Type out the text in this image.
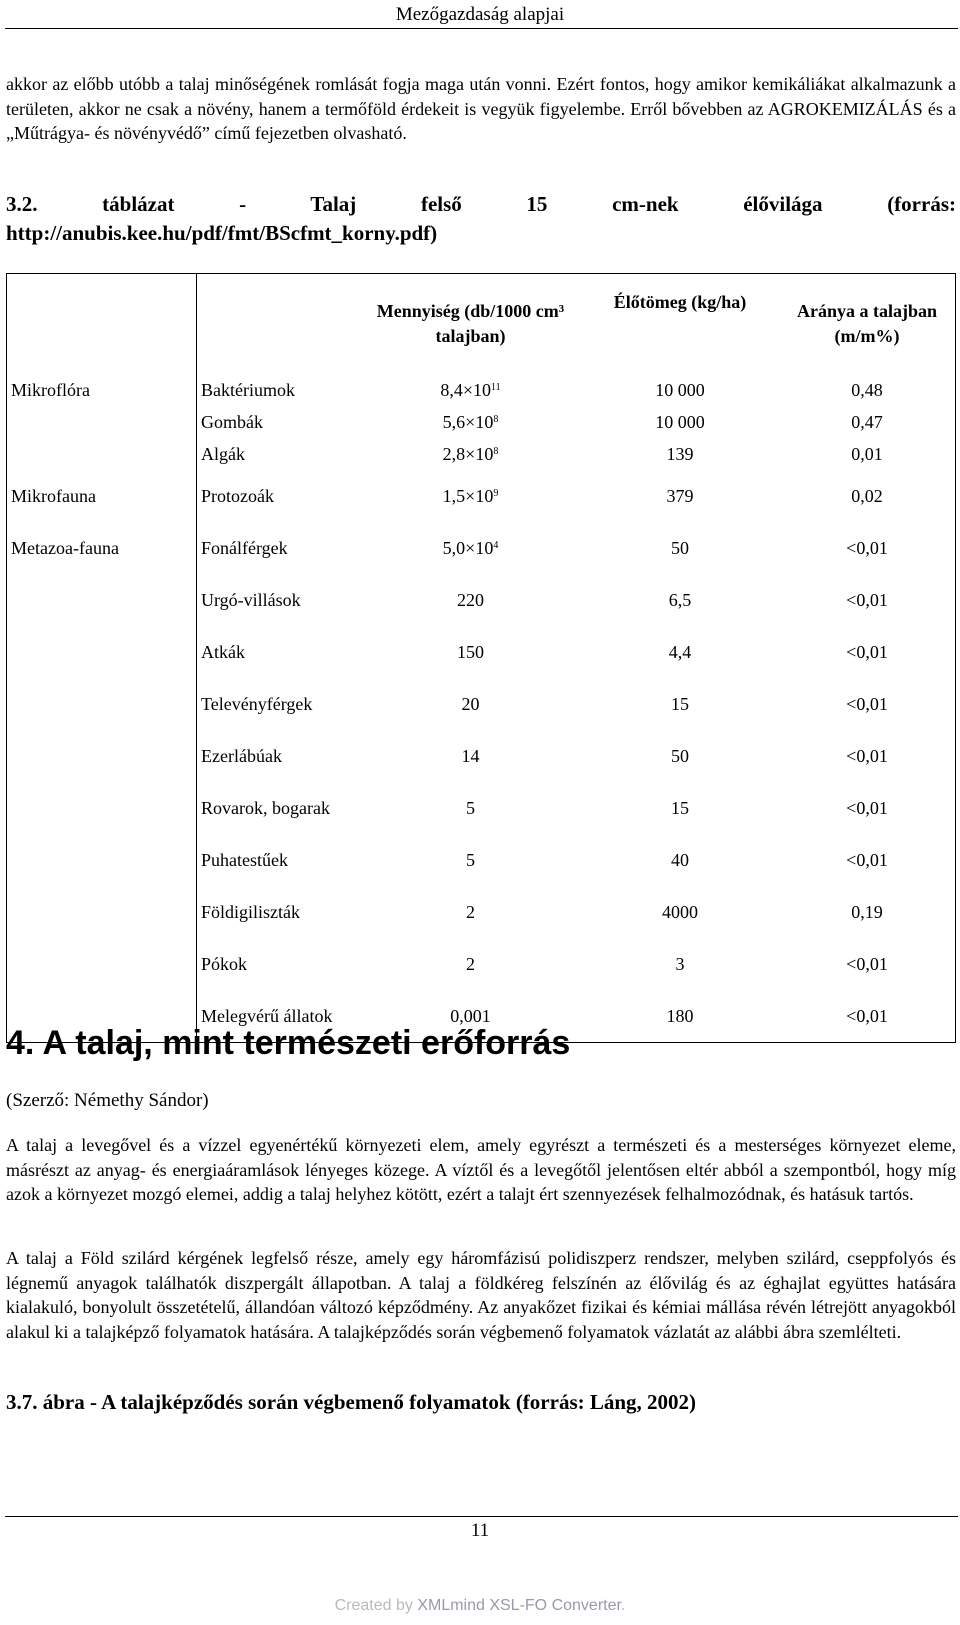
Mezőgazdaság alapjai
akkor az előbb utóbb a talaj minőségének romlását fogja maga után vonni. Ezért fontos, hogy amikor kemikáliákat alkalmazunk a területen, akkor ne csak a növény, hanem a termőföld érdekeit is vegyük figyelembe. Erről bővebben az AGROKEMIZÁLÁS és a „Műtrágya- és növényvédő” című fejezetben olvasható.
3.2. táblázat - Talaj felső 15 cm-nek élővilága (forrás:
http://anubis.kee.hu/pdf/fmt/BScfmt_korny.pdf)
		Mennyiség (db/1000 cm³ talajban)	Élőtömeg (kg/ha)	Aránya a talajban (m/m%)
Mikroflóra	Baktériumok	$8,4\times 10^{11}$	10 000	0,48
	Gombák	$5,6\times 10^8$	10 000	0,47
	Algák	$2,8\times 10^8$	139	0,01
Mikrofauna	Protozoák	$1,5\times 10^9$	379	0,02
Metazoa-fauna	Fonálférgek	$5,0\times 10^4$	50	<0,01
	Urgó-villások	220	6,5	<0,01
	Atkák	150	4,4	<0,01
	Televényférgek	20	15	<0,01
	Ezerlábúak	14	50	<0,01
	Rovarok, bogarak	5	15	<0,01
	Puhatestűek	5	40	<0,01
	Földigiliszták	2	4000	0,19
	Pókok	2	3	<0,01
	Melegvérű állatok	0,001	180	<0,01
4. A talaj, mint természeti erőforrás
(Szerző: Némethy Sándor)
A talaj a levegővel és a vízzel egyenértékű környezeti elem, amely egyrészt a természeti és a mesterséges környezet eleme, másrészt az anyag- és energiaáramlások lényeges közege. A víztől és a levegőtől jelentősen eltér abból a szempontból, hogy míg azok a környezet mozgó elemei, addig a talaj helyhez kötött, ezért a talajt ért szennyezések felhalmozódnak, és hatásuk tartós.
A talaj a Föld szilárd kérgének legfelső része, amely egy háromfázisú polidiszperz rendszer, melyben szilárd, cseppfolyós és légnemű anyagok találhatók diszpergált állapotban. A talaj a földkéreg felszínén az élővilág és az éghajlat együttes hatására kialakuló, bonyolult összetételű, állandóan változó képződmény. Az anyakőzet fizikai és kémiai mállása révén létrejött anyagokból alakul ki a talajképző folyamatok hatására. A talajképződés során végbemenő folyamatok vázlatát az alábbi ábra szemlélteti.
3.7. ábra - A talajképződés során végbemenő folyamatok (forrás: Láng, 2002)
11
Created by XMLmind XSL-FO Converter.
